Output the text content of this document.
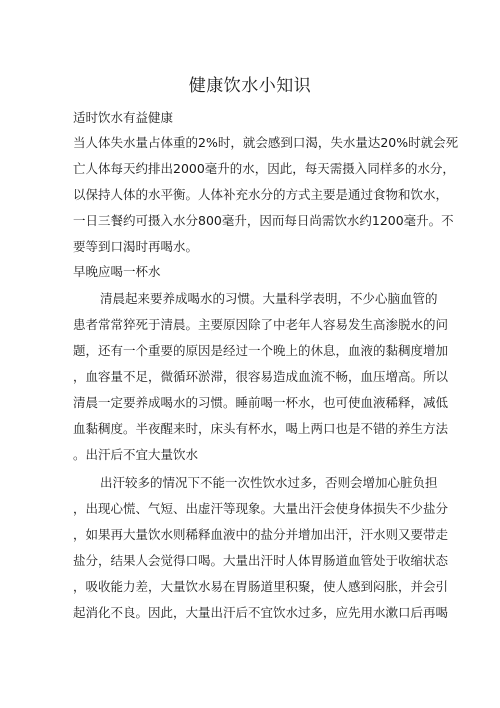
健康饮水小知识
适时饮水有益健康
当人体失水量占体重的2%时，就会感到口渴，失水量达20%时就会死
亡人体每天约排出2000毫升的水，因此，每天需摄入同样多的水分，
以保持人体的水平衡。人体补充水分的方式主要是通过食物和饮水，
一日三餐约可摄入水分800毫升，因而每日尚需饮水约1200毫升。不
要等到口渴时再喝水。
早晚应喝一杯水
清晨起来要养成喝水的习惯。大量科学表明，不少心脑血管的
患者常常猝死于清晨。主要原因除了中老年人容易发生高渗脱水的问
题，还有一个重要的原因是经过一个晚上的休息，血液的黏稠度增加
，血容量不足，微循环淤滞，很容易造成血流不畅，血压增高。所以
清晨一定要养成喝水的习惯。睡前喝一杯水，也可使血液稀释，减低
血黏稠度。半夜醒来时，床头有杯水，喝上两口也是不错的养生方法
。出汗后不宜大量饮水
出汗较多的情况下不能一次性饮水过多，否则会增加心脏负担
，出现心慌、气短、出虚汗等现象。大量出汗会使身体损失不少盐分
，如果再大量饮水则稀释血液中的盐分并增加出汗，汗水则又要带走
盐分，结果人会觉得口喝。大量出汗时人体胃肠道血管处于收缩状态
，吸收能力差，大量饮水易在胃肠道里积聚，使人感到闷胀，并会引
起消化不良。因此，大量出汗后不宜饮水过多，应先用水漱口后再喝
